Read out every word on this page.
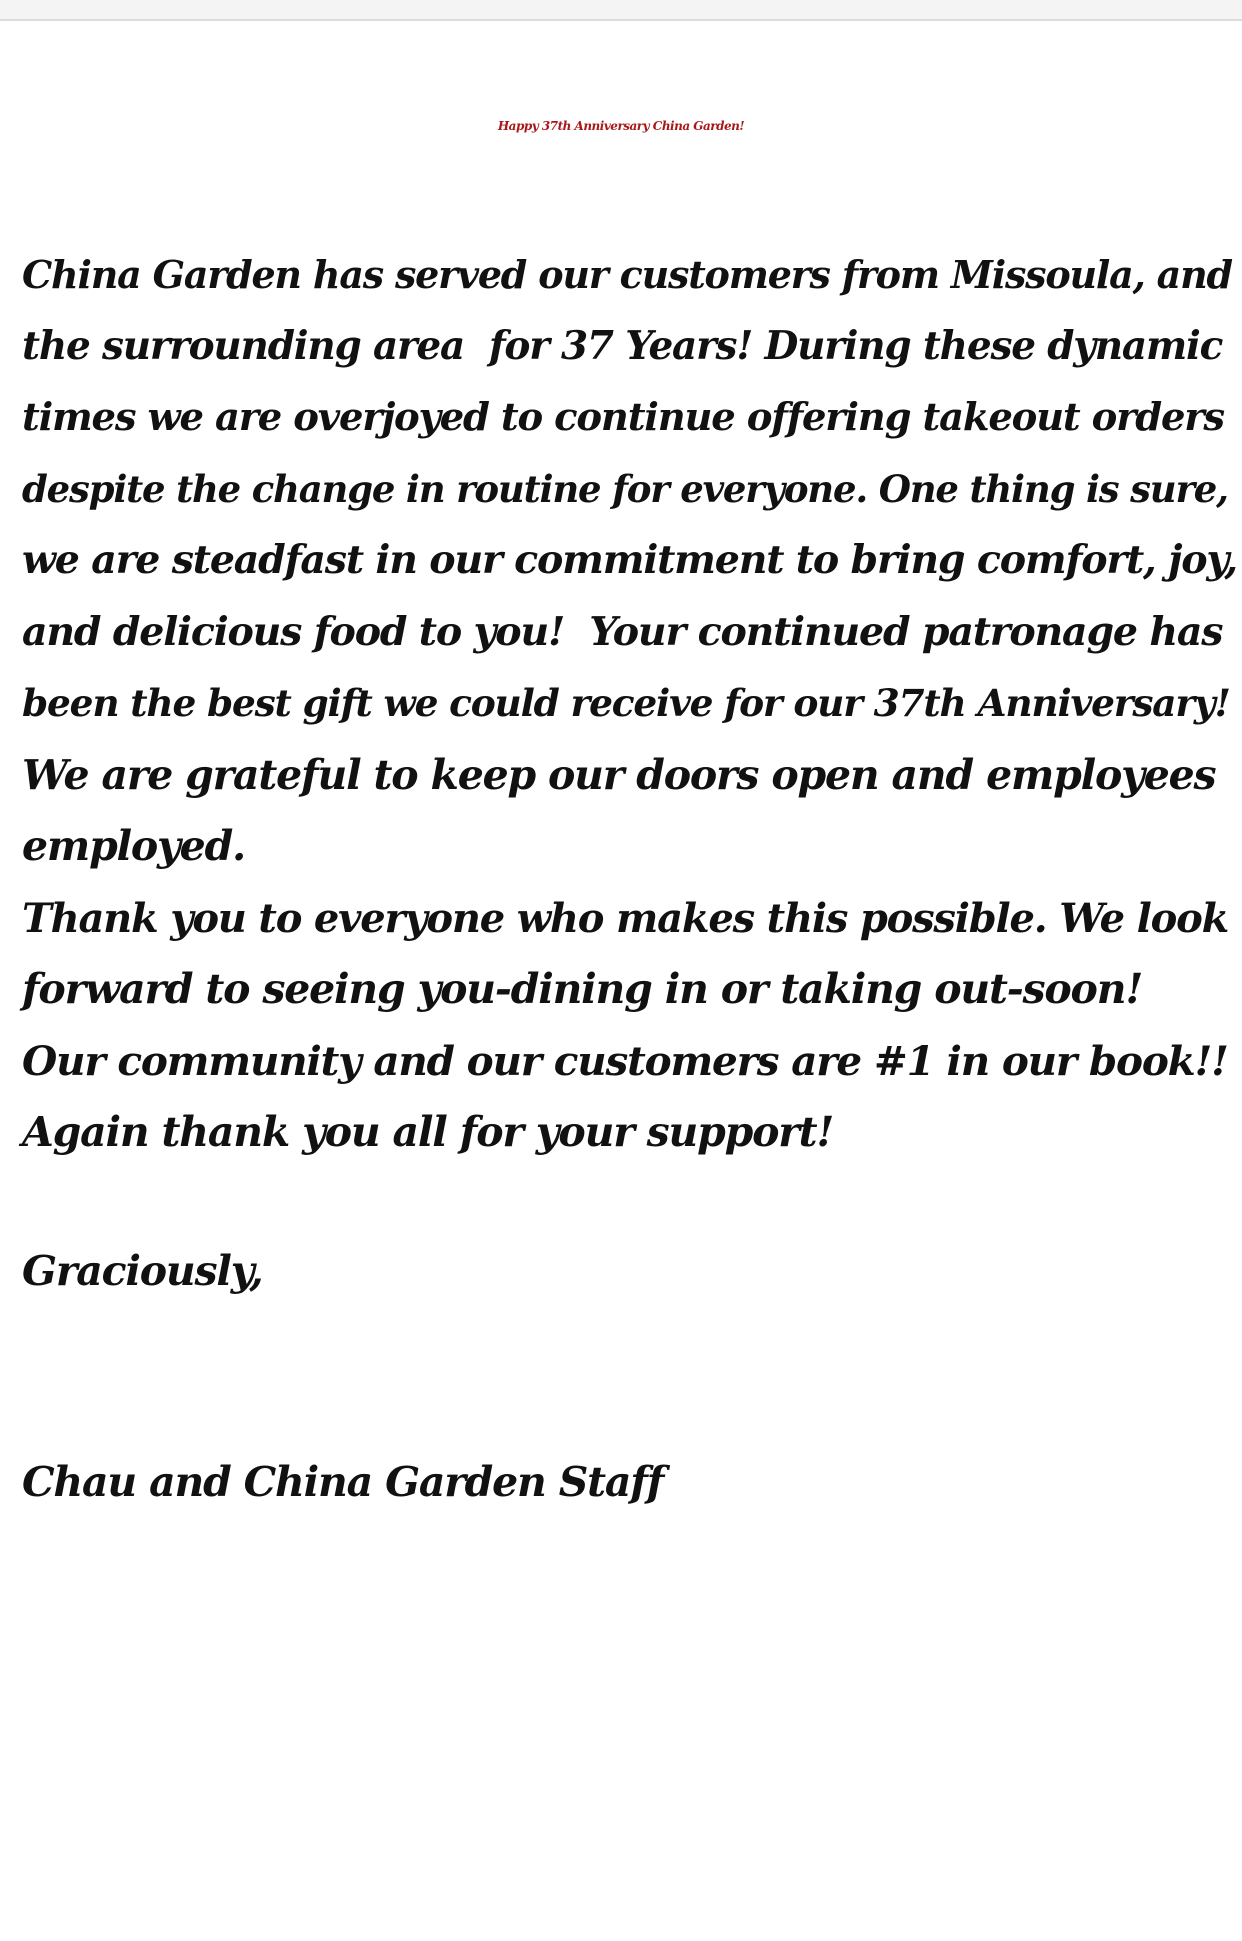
Happy 37th Anniversary China Garden!
China Garden has served our customers from Missoula, and
the surrounding area  for 37 Years! During these dynamic
times we are overjoyed to continue offering takeout orders
despite the change in routine for everyone. One thing is sure,
we are steadfast in our commitment to bring comfort, joy,
and delicious food to you!  Your continued patronage has
been the best gift we could receive for our 37th Anniversary!
We are grateful to keep our doors open and employees
employed.
Thank you to everyone who makes this possible. We look
forward to seeing you-dining in or taking out-soon!
Our community and our customers are #1 in our book!!
Again thank you all for your support!
Graciously,
Chau and China Garden Staff
